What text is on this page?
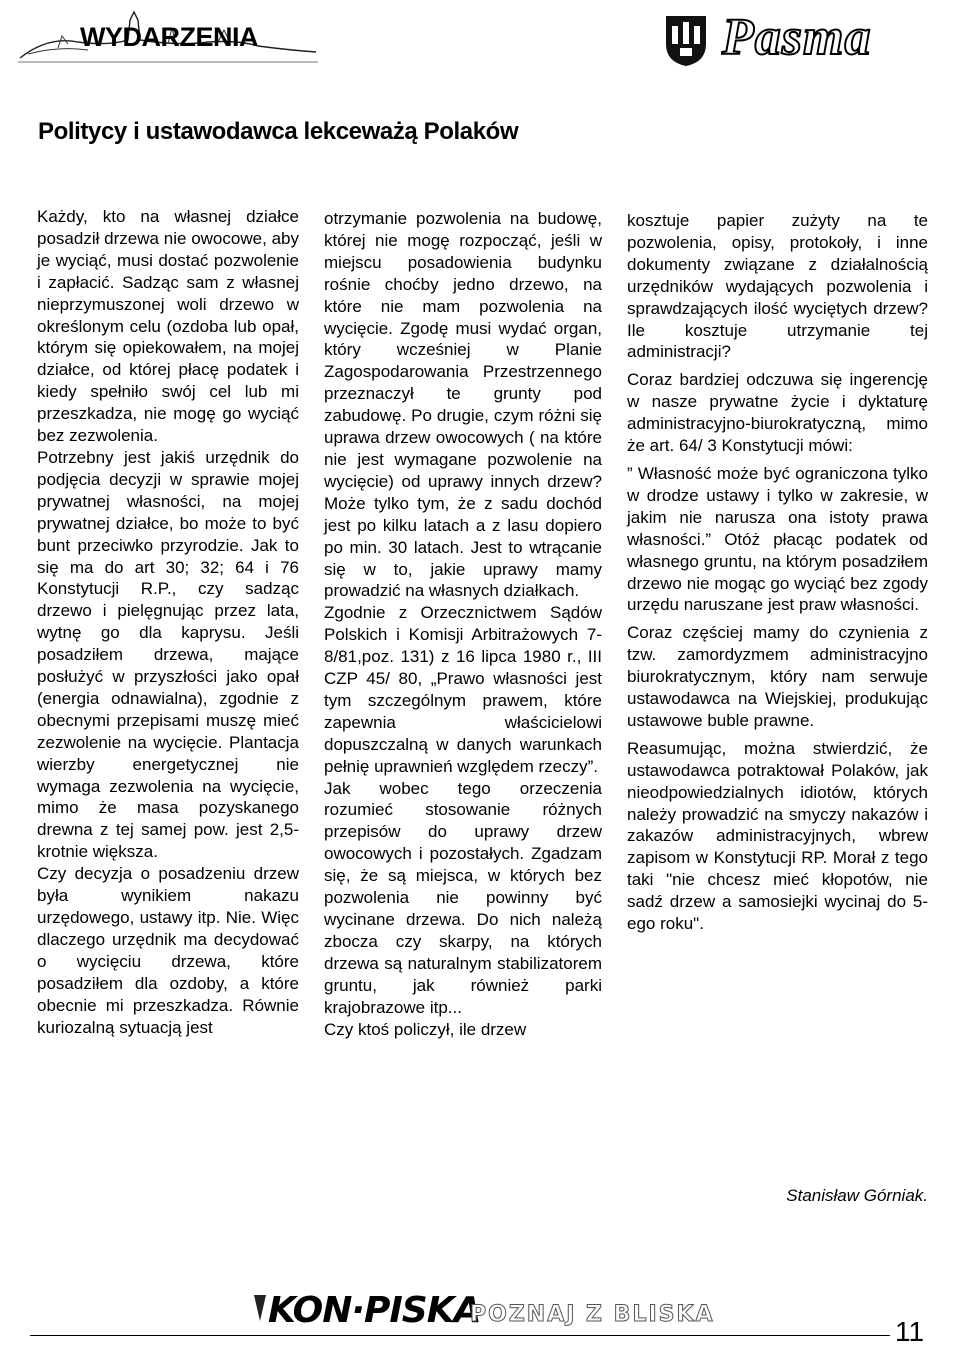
WYDARZENIA	Pasma
Politycy i ustawodawca lekceważą Polaków

Każdy, kto na własnej działce posadził drzewa nie owocowe, aby je wyciąć, musi dostać pozwolenie i zapłacić. Sadząc sam z własnej nieprzymuszonej woli drzewo w określonym celu (ozdoba lub opał, którym się opiekowałem, na mojej działce, od której płacę podatek i kiedy spełniło swój cel lub mi przeszkadza, nie mogę go wyciąć bez zezwolenia.

Potrzebny jest jakiś urzędnik do podjęcia decyzji w sprawie mojej prywatnej własności, na mojej prywatnej działce, bo może to być bunt przeciwko przyrodzie. Jak to się ma do art 30; 32; 64 i 76 Konstytucji R.P., czy sadząc drzewo i pielęgnując przez lata, wytnę go dla kaprysu. Jeśli posadziłem drzewa, mające posłużyć w przyszłości jako opał (energia odnawialna), zgodnie z obecnymi przepisami muszę mieć zezwolenie na wycięcie. Plantacja wierzby energetycznej nie wymaga zezwolenia na wycięcie, mimo że masa pozyskanego drewna z tej samej pow. jest 2,5- krotnie większa.

Czy decyzja o posadzeniu drzew była wynikiem nakazu urzędowego, ustawy itp. Nie. Więc dlaczego urzędnik ma decydować o wycięciu drzewa, które posadziłem dla ozdoby, a które obecnie mi przeszkadza. Równie kuriozalną sytuacją jest

otrzymanie pozwolenia na budowę, której nie mogę rozpocząć, jeśli w miejscu posadowienia budynku rośnie choćby jedno drzewo, na które nie mam pozwolenia na wycięcie. Zgodę musi wydać organ, który wcześniej w Planie Zagospodarowania Przestrzennego przeznaczył te grunty pod zabudowę. Po drugie, czym różni się uprawa drzew owocowych ( na które nie jest wymagane pozwolenie na wycięcie) od uprawy innych drzew? Może tylko tym, że z sadu dochód jest po kilku latach a z lasu dopiero po min. 30 latach. Jest to wtrącanie się w to, jakie uprawy mamy prowadzić na własnych działkach.

Zgodnie z Orzecznictwem Sądów Polskich i Komisji Arbitrażowych 7-8/81,poz. 131) z 16 lipca 1980 r., III CZP 45/ 80, „Prawo własności jest tym szczególnym prawem, które zapewnia właścicielowi dopuszczalną w danych warunkach pełnię uprawnień względem rzeczy”.

Jak wobec tego orzeczenia rozumieć stosowanie różnych przepisów do uprawy drzew owocowych i pozostałych. Zgadzam się, że są miejsca, w których bez pozwolenia nie powinny być wycinane drzewa. Do nich należą zbocza czy skarpy, na których drzewa są naturalnym stabilizatorem gruntu, jak również parki krajobrazowe itp...

Czy ktoś policzył, ile drzew

kosztuje papier zużyty na te pozwolenia, opisy, protokoły, i inne dokumenty związane z działalnością urzędników wydających pozwolenia i sprawdzających ilość wyciętych drzew? Ile kosztuje utrzymanie tej administracji?

Coraz bardziej odczuwa się ingerencję w nasze prywatne życie i dyktaturę administracyjno-biurokratyczną, mimo że art. 64/ 3 Konstytucji mówi:

” Własność może być ograniczona tylko w drodze ustawy i tylko w zakresie, w jakim nie narusza ona istoty prawa własności.” Otóż płacąc podatek od własnego gruntu, na którym posadziłem drzewo nie mogąc go wyciąć bez zgody urzędu naruszane jest praw własności.

Coraz częściej mamy do czynienia z tzw. zamordyzmem administracyjno biurokratycznym, który nam serwuje ustawodawca na Wiejskiej, produkując ustawowe buble prawne.

Reasumując, można stwierdzić, że ustawodawca potraktował Polaków, jak nieodpowiedzialnych idiotów, których należy prowadzić na smyczy nakazów i zakazów administracyjnych, wbrew zapisom w Konstytucji RP. Morał z tego taki "nie chcesz mieć kłopotów, nie sadź drzew a samosiejki wycinaj do 5-ego roku".

Stanisław Górniak.
KON·PISKA
POZNAJ Z BLISKA
11
